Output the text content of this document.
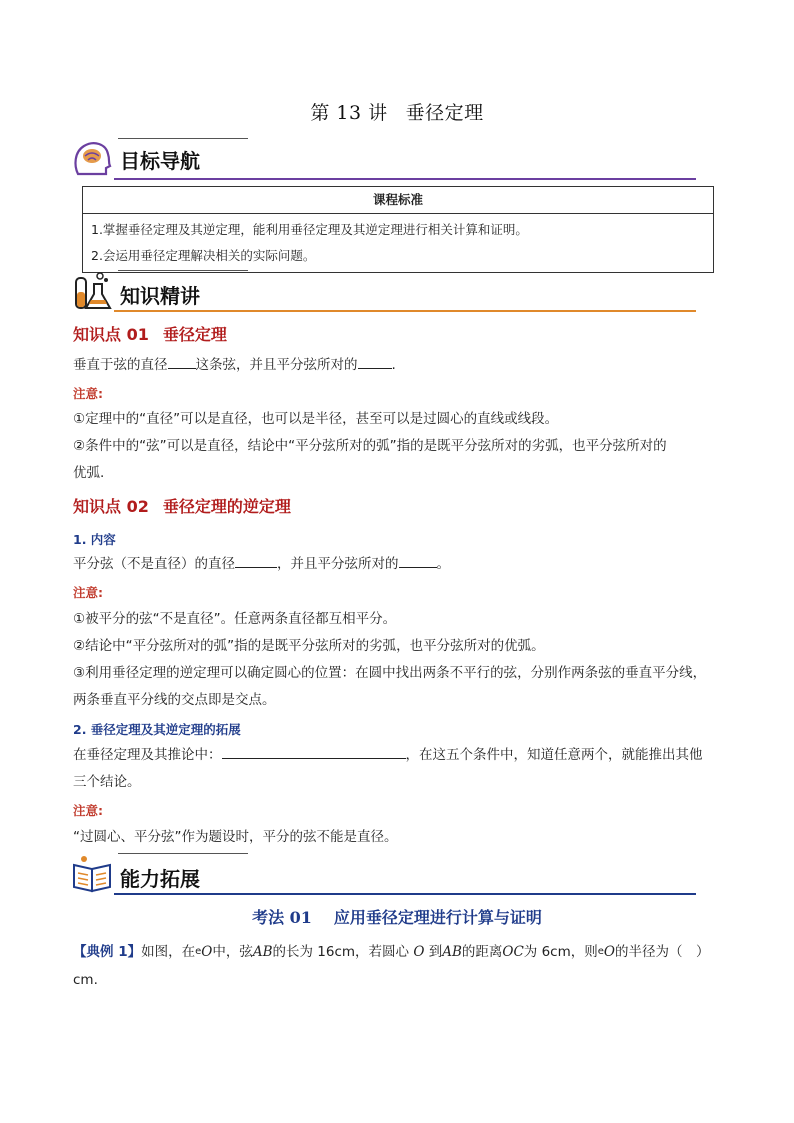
第 13 讲 垂径定理
目标导航
课程标准

1.掌握垂径定理及其逆定理，能利用垂径定理及其逆定理进行相关计算和证明。
2.会运用垂径定理解决相关的实际问题。
知识精讲
知识点 01 垂径定理
垂直于弦的直径 这条弦，并且平分弦所对的	.
注意:
①定理中的“直径”可以是直径，也可以是半径，甚至可以是过圆心的直线或线段。
②条件中的“弦”可以是直径，结论中“平分弦所对的弧”指的是既平分弦所对的劣弧，也平分弦所对的
优弧.
知识点 02 垂径定理的逆定理
1. 内容
平分弦（不是直径）的直径	，并且平分弦所对的	。
注意:
①被平分的弦“不是直径”。任意两条直径都互相平分。
②结论中“平分弦所对的弧”指的是既平分弦所对的劣弧，也平分弦所对的优弧。
③利用垂径定理的逆定理可以确定圆心的位置：在圆中找出两条不平行的弦，分别作两条弦的垂直平分线，
两条垂直平分线的交点即是交点。
2. 垂径定理及其逆定理的拓展
在垂径定理及其推论中：	，在这五个条件中，知道任意两个，就能推出其他
三个结论。
注意:
“过圆心、平分弦”作为题设时，平分的弦不能是直径。
能力拓展
考法 01 应用垂径定理进行计算与证明
【典例 1】如图，在eO中，弦AB的长为 16cm，若圆心 O 到AB的距离OC为 6cm，则eO的半径为（　）
cm.
